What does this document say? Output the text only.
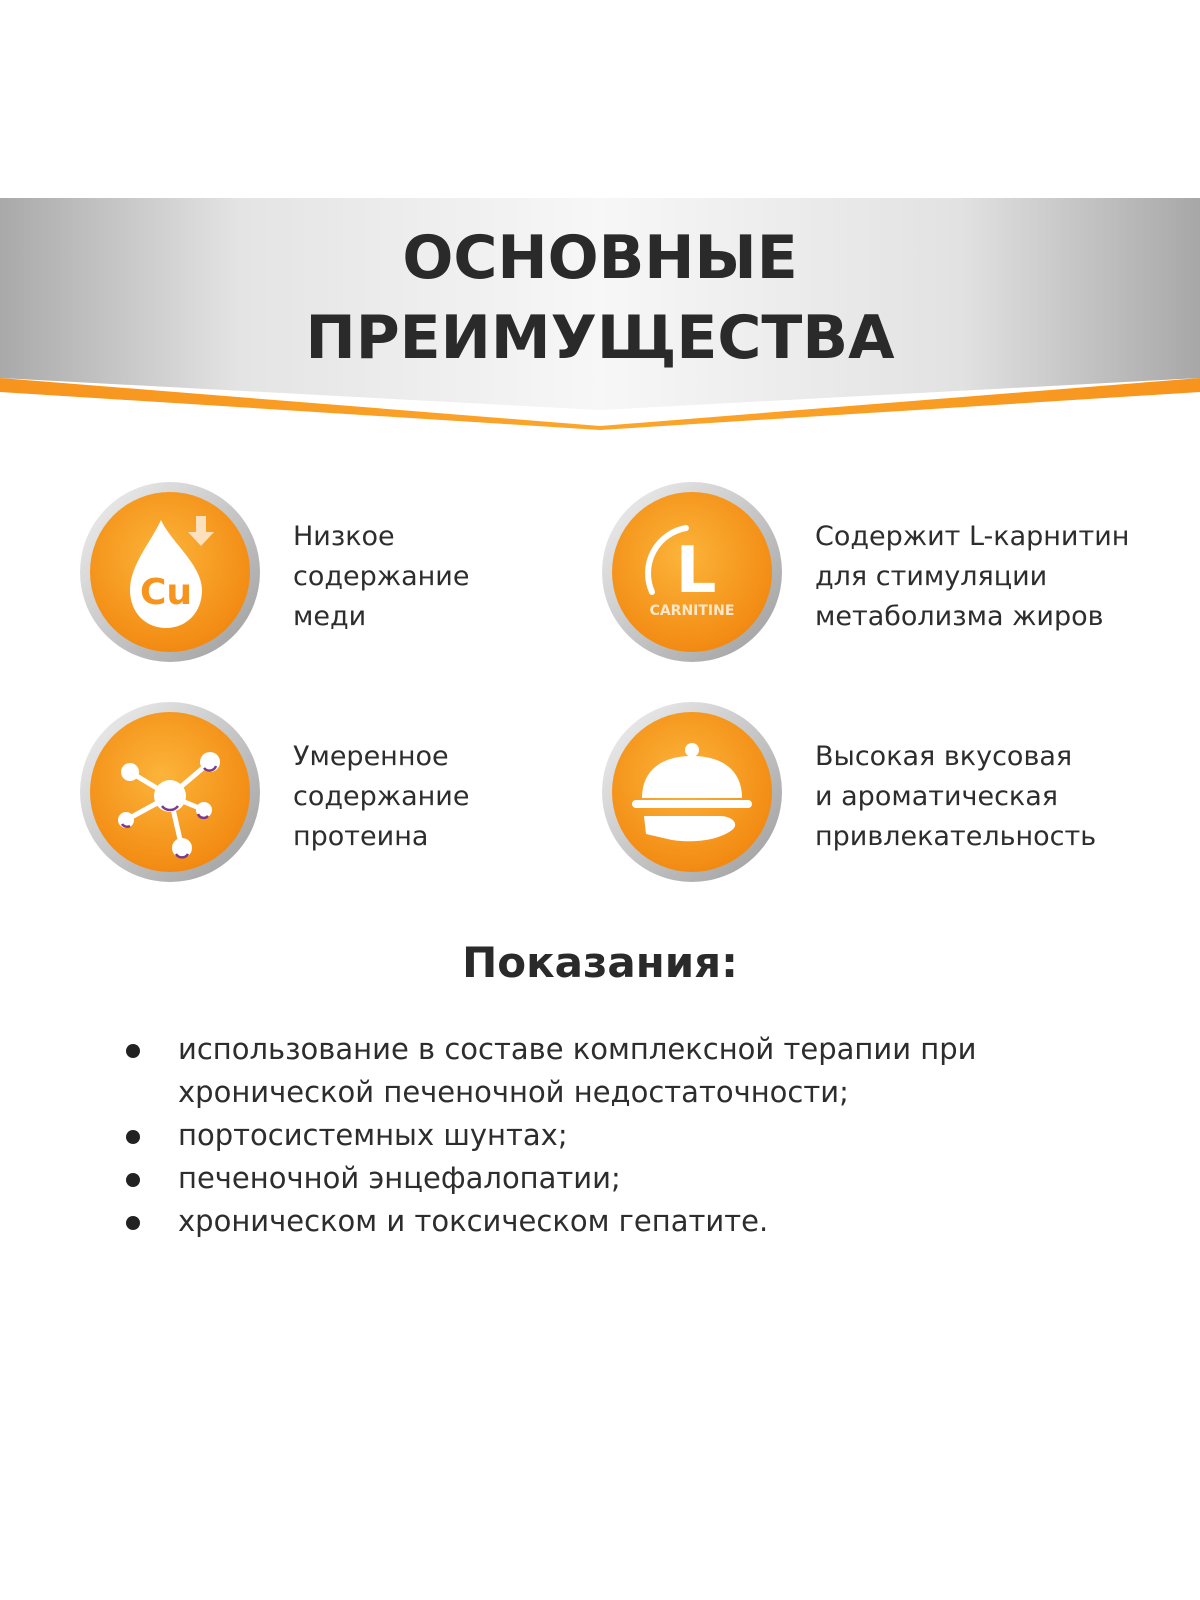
ОСНОВНЫЕ
ПРЕИМУЩЕСТВА
Cu
Низкое
содержание
меди
L
CARNITINE
Содержит L-карнитин
для стимуляции
метаболизма жиров
Умеренное
содержание
протеина
Высокая вкусовая
и ароматическая
привлекательность
Показания:
использование в составе комплексной терапии при хронической печеночной недостаточности;
портосистемных шунтах;
печеночной энцефалопатии;
хроническом и токсическом гепатите.
